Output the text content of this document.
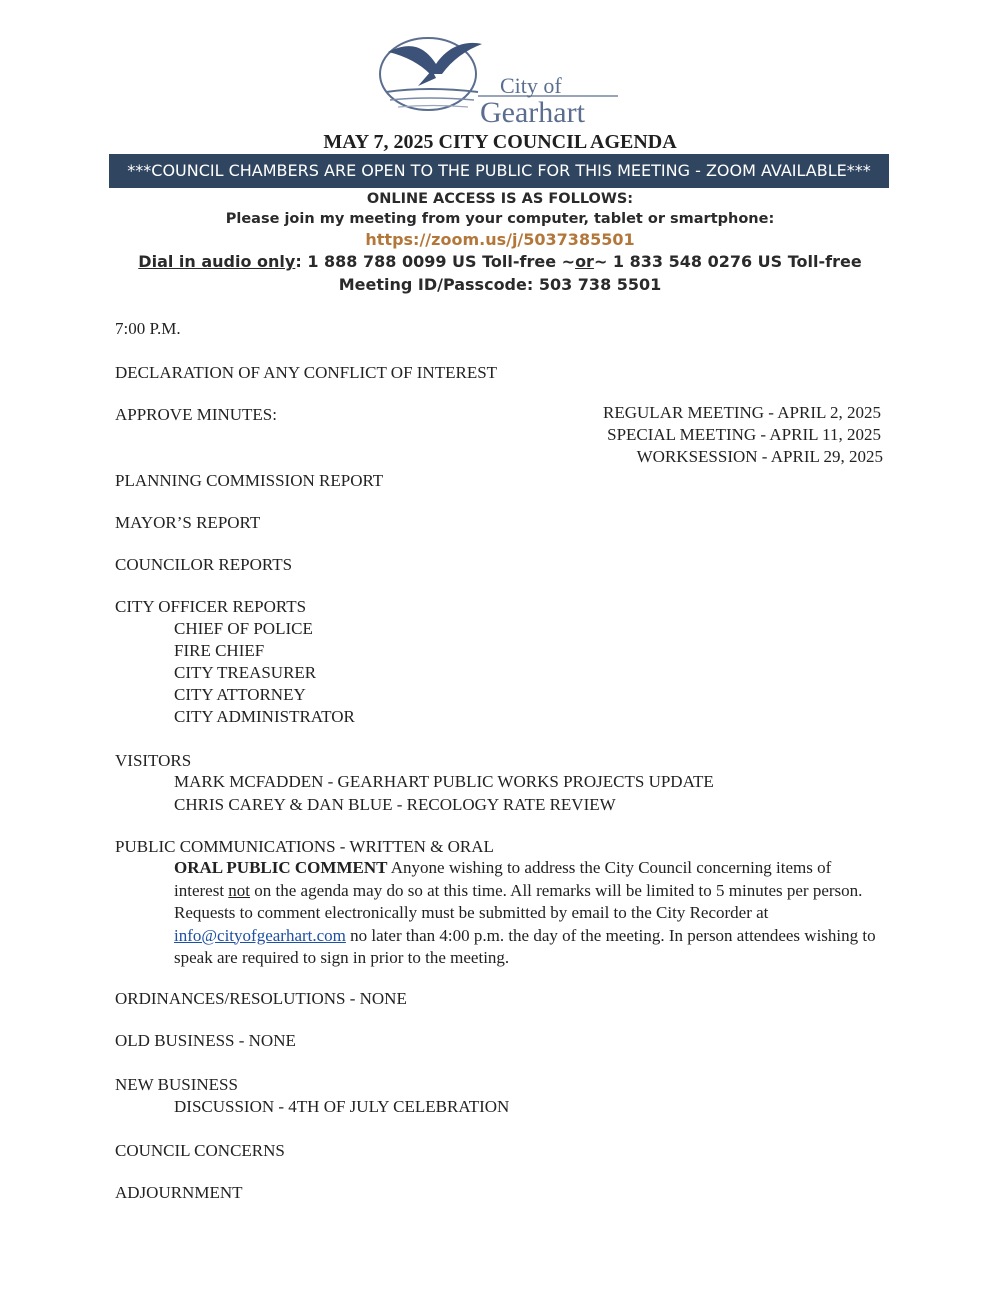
City of
Gearhart
MAY 7, 2025 CITY COUNCIL AGENDA
***COUNCIL CHAMBERS ARE OPEN TO THE PUBLIC FOR THIS MEETING - ZOOM AVAILABLE***
ONLINE ACCESS IS AS FOLLOWS:
Please join my meeting from your computer, tablet or smartphone:
https://zoom.us/j/5037385501
Dial in audio only: 1 888 788 0099 US Toll-free ~or~ 1 833 548 0276 US Toll-free
Meeting ID/Passcode: 503 738 5501
7:00 P.M.
DECLARATION OF ANY CONFLICT OF INTEREST
APPROVE MINUTES:	REGULAR MEETING - APRIL 2, 2025
SPECIAL MEETING - APRIL 11, 2025
WORKSESSION - APRIL 29, 2025
PLANNING COMMISSION REPORT
MAYOR’S REPORT
COUNCILOR REPORTS
CITY OFFICER REPORTS
CHIEF OF POLICE
FIRE CHIEF
CITY TREASURER
CITY ATTORNEY
CITY ADMINISTRATOR
VISITORS
MARK MCFADDEN - GEARHART PUBLIC WORKS PROJECTS UPDATE
CHRIS CAREY & DAN BLUE - RECOLOGY RATE REVIEW
PUBLIC COMMUNICATIONS - WRITTEN & ORAL
ORAL PUBLIC COMMENT Anyone wishing to address the City Council concerning items of interest not on the agenda may do so at this time. All remarks will be limited to 5 minutes per person. Requests to comment electronically must be submitted by email to the City Recorder at info@cityofgearhart.com no later than 4:00 p.m. the day of the meeting. In person attendees wishing to speak are required to sign in prior to the meeting.
ORDINANCES/RESOLUTIONS - NONE
OLD BUSINESS - NONE
NEW BUSINESS
DISCUSSION - 4TH OF JULY CELEBRATION
COUNCIL CONCERNS
ADJOURNMENT
